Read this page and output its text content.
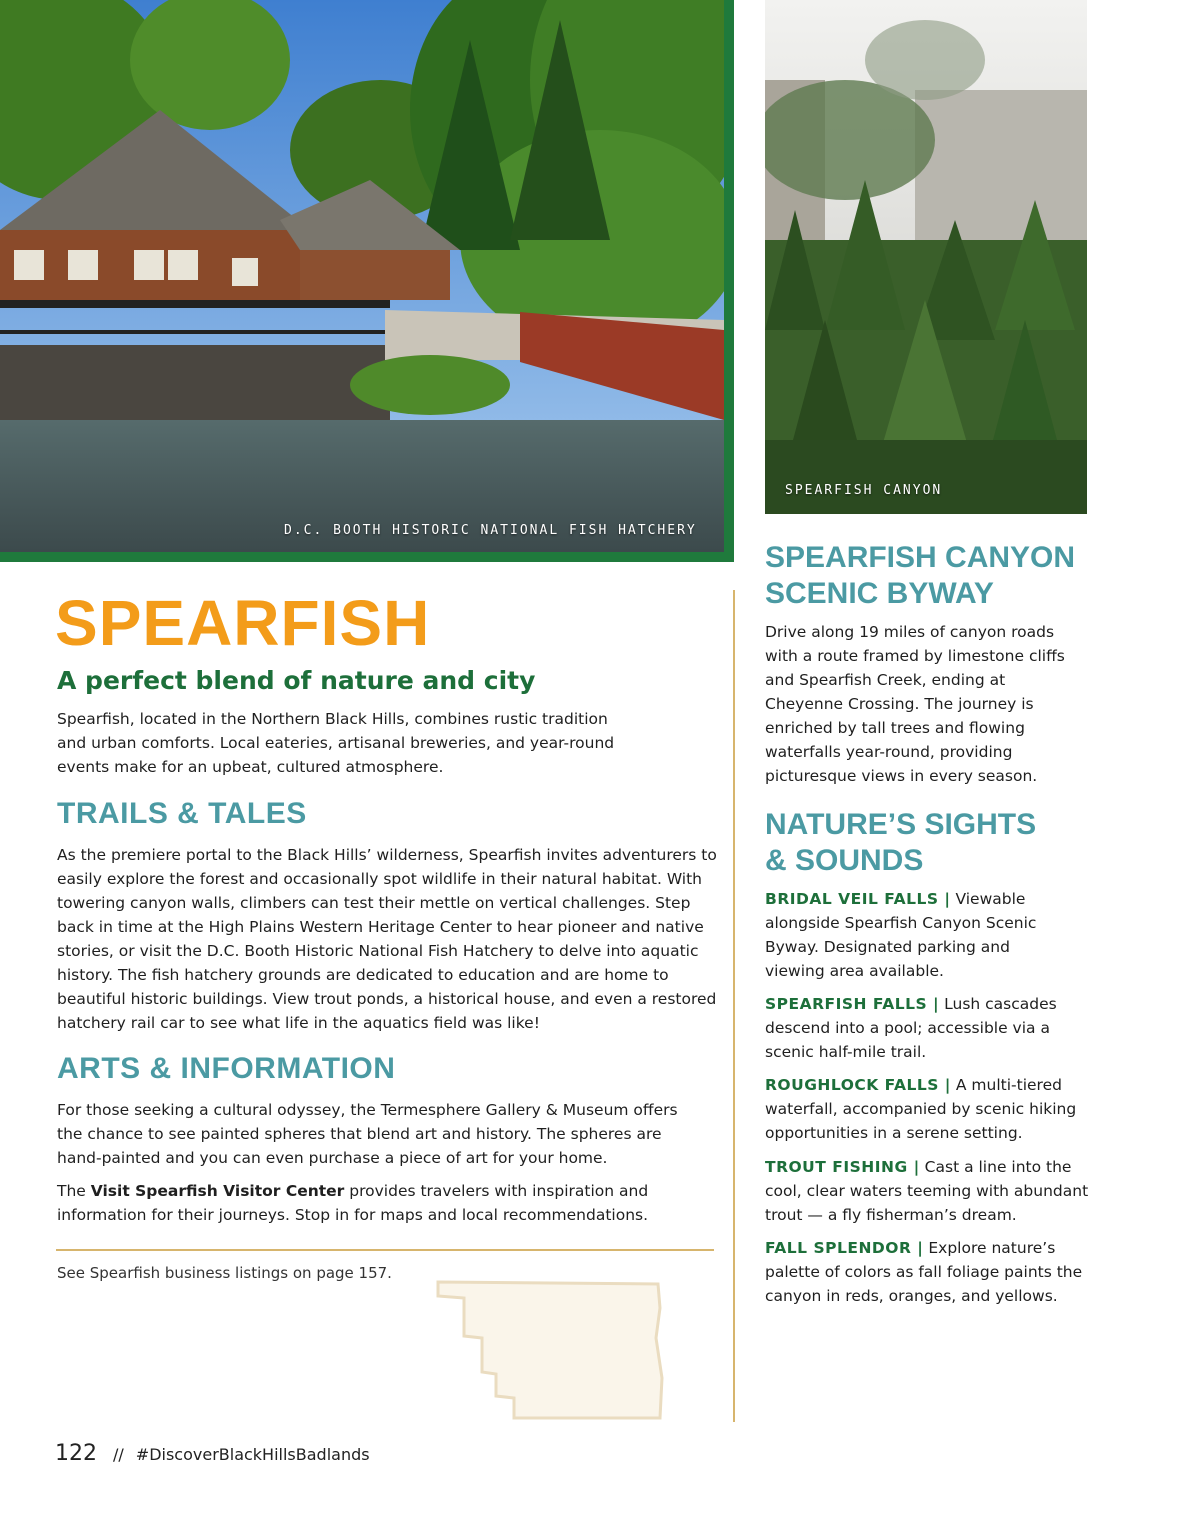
D.C. BOOTH HISTORIC NATIONAL FISH HATCHERY
SPEARFISH CANYON
SPEARFISH
A perfect blend of nature and city

Spearfish, located in the Northern Black Hills, combines rustic tradition and urban comforts. Local eateries, artisanal breweries, and year-round events make for an upbeat, cultured atmosphere.

TRAILS & TALES

As the premiere portal to the Black Hills’ wilderness, Spearfish invites adventurers to easily explore the forest and occasionally spot wildlife in their natural habitat. With towering canyon walls, climbers can test their mettle on vertical challenges. Step back in time at the High Plains Western Heritage Center to hear pioneer and native stories, or visit the D.C. Booth Historic National Fish Hatchery to delve into aquatic history. The fish hatchery grounds are dedicated to education and are home to beautiful historic buildings. View trout ponds, a historical house, and even a restored hatchery rail car to see what life in the aquatics field was like!

ARTS & INFORMATION

For those seeking a cultural odyssey, the Termesphere Gallery & Museum offers the chance to see painted spheres that blend art and history. The spheres are hand-painted and you can even purchase a piece of art for your home.

The Visit Spearfish Visitor Center provides travelers with inspiration and information for their journeys. Stop in for maps and local recommendations.

See Spearfish business listings on page 157.

SPEARFISH CANYON SCENIC BYWAY

Drive along 19 miles of canyon roads with a route framed by limestone cliffs and Spearfish Creek, ending at Cheyenne Crossing. The journey is enriched by tall trees and flowing waterfalls year-round, providing picturesque views in every season.

NATURE’S SIGHTS & SOUNDS

BRIDAL VEIL FALLS | Viewable alongside Spearfish Canyon Scenic Byway. Designated parking and viewing area available.

SPEARFISH FALLS | Lush cascades descend into a pool; accessible via a scenic half-mile trail.

ROUGHLOCK FALLS | A multi-tiered waterfall, accompanied by scenic hiking opportunities in a serene setting.

TROUT FISHING | Cast a line into the cool, clear waters teeming with abundant trout — a fly fisherman’s dream.

FALL SPLENDOR | Explore nature’s palette of colors as fall foliage paints the canyon in reds, oranges, and yellows.

122 // #DiscoverBlackHillsBadlands
